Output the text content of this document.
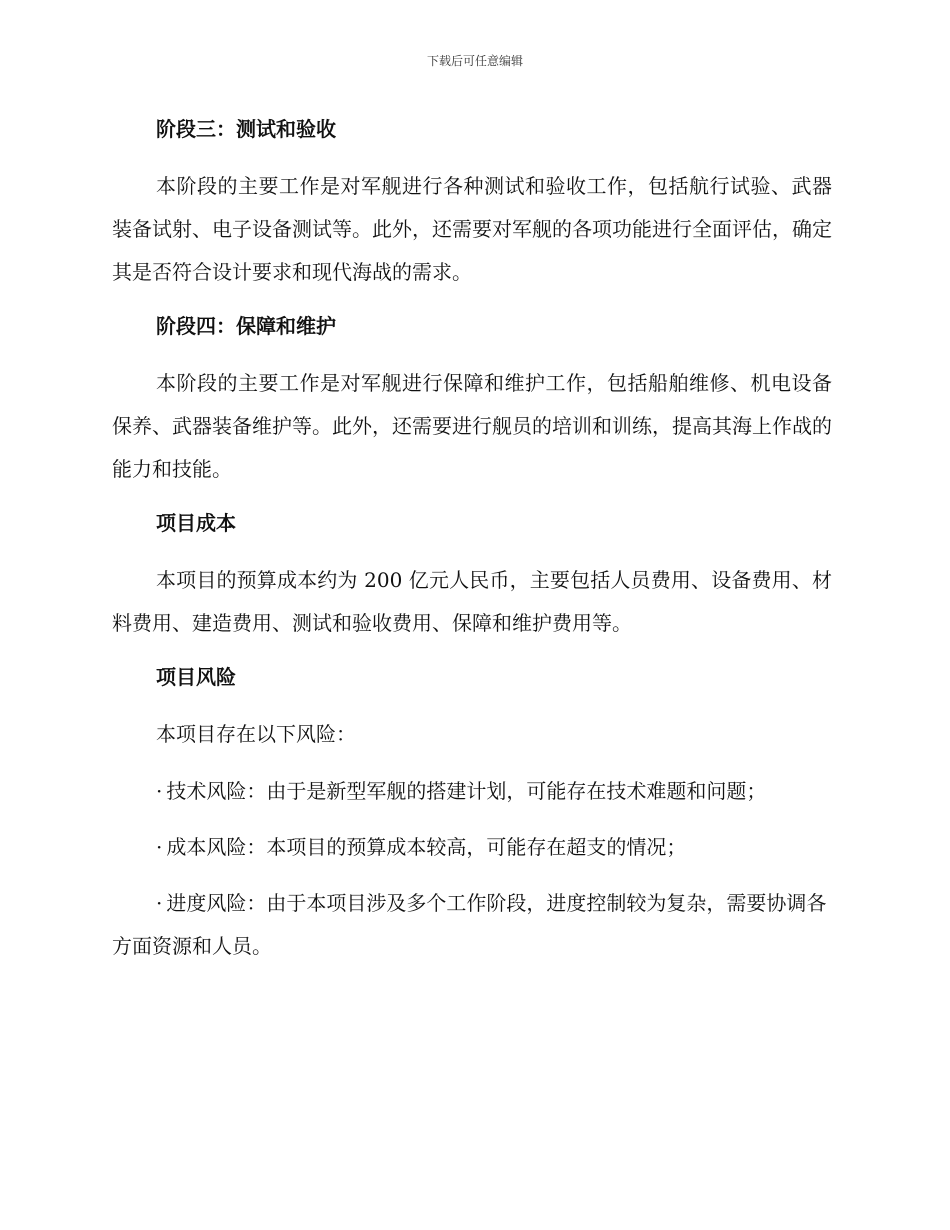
下载后可任意编辑

阶段三：测试和验收

本阶段的主要工作是对军舰进行各种测试和验收工作，包括航行试验、武器装备试射、电子设备测试等。此外，还需要对军舰的各项功能进行全面评估，确定其是否符合设计要求和现代海战的需求。

阶段四：保障和维护

本阶段的主要工作是对军舰进行保障和维护工作，包括船舶维修、机电设备保养、武器装备维护等。此外，还需要进行舰员的培训和训练，提高其海上作战的能力和技能。

项目成本

本项目的预算成本约为 200 亿元人民币，主要包括人员费用、设备费用、材料费用、建造费用、测试和验收费用、保障和维护费用等。

项目风险

本项目存在以下风险：

· 技术风险：由于是新型军舰的搭建计划，可能存在技术难题和问题；

· 成本风险：本项目的预算成本较高，可能存在超支的情况；

· 进度风险：由于本项目涉及多个工作阶段，进度控制较为复杂，需要协调各方面资源和人员。
